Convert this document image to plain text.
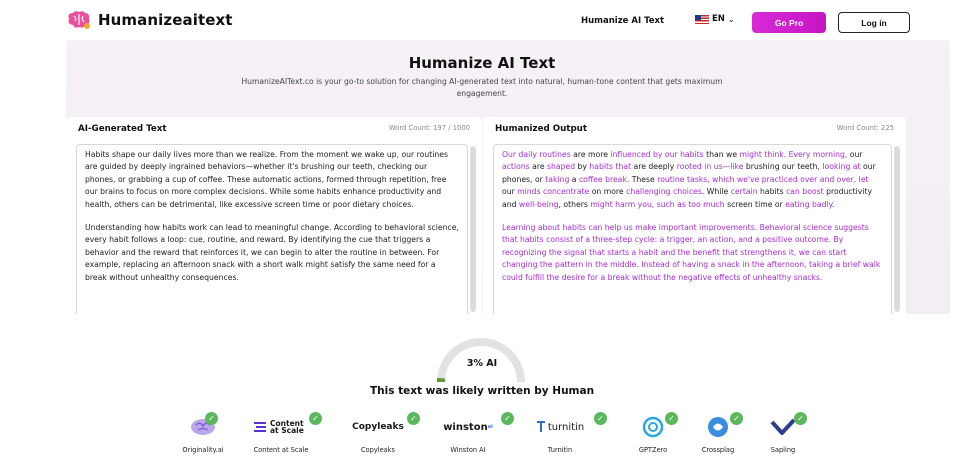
Humanizeaitext	Humanize AI Text	EN ⌄	Go Pro	Log in
Humanize AI Text
HumanizeAIText.co is your go-to solution for changing AI-generated text into natural, human-tone content that gets maximum engagement.
AI-Generated Text	Word Count: 197 / 1000

Habits shape our daily lives more than we realize. From the moment we wake up, our routines are guided by deeply ingrained behaviors—whether it's brushing our teeth, checking our phones, or grabbing a cup of coffee. These automatic actions, formed through repetition, free our brains to focus on more complex decisions. While some habits enhance productivity and health, others can be detrimental, like excessive screen time or poor dietary choices.

Understanding how habits work can lead to meaningful change. According to behavioral science, every habit follows a loop: cue, routine, and reward. By identifying the cue that triggers a behavior and the reward that reinforces it, we can begin to alter the routine in between. For example, replacing an afternoon snack with a short walk might satisfy the same need for a break without unhealthy consequences.

Humanized Output	Word Count: 225

Our daily routines are more influenced by our habits than we might think. Every morning, our actions are shaped by habits that are deeply rooted in us—like brushing our teeth, looking at our phones, or taking a coffee break. These routine tasks, which we've practiced over and over, let our minds concentrate on more challenging choices. While certain habits can boost productivity and well-being, others might harm you, such as too much screen time or eating badly.

Learning about habits can help us make important improvements. Behavioral science suggests that habits consist of a three-step cycle: a trigger, an action, and a positive outcome. By recognizing the signal that starts a habit and the benefit that strengthens it, we can start changing the pattern in the middle. Instead of having a snack in the afternoon, taking a brief walk could fulfill the desire for a break without the negative effects of unhealthy snacks.

3% AI
This text was likely written by Human
✓
Originality.ai
Content at Scale
✓
Content at Scale
Copyleaks
✓
Copyleaks
winston ai
✓
Winston AI
turnitin
✓
Turnitin
✓
GPTZero
✓
Crossplag
✓
Sapling
